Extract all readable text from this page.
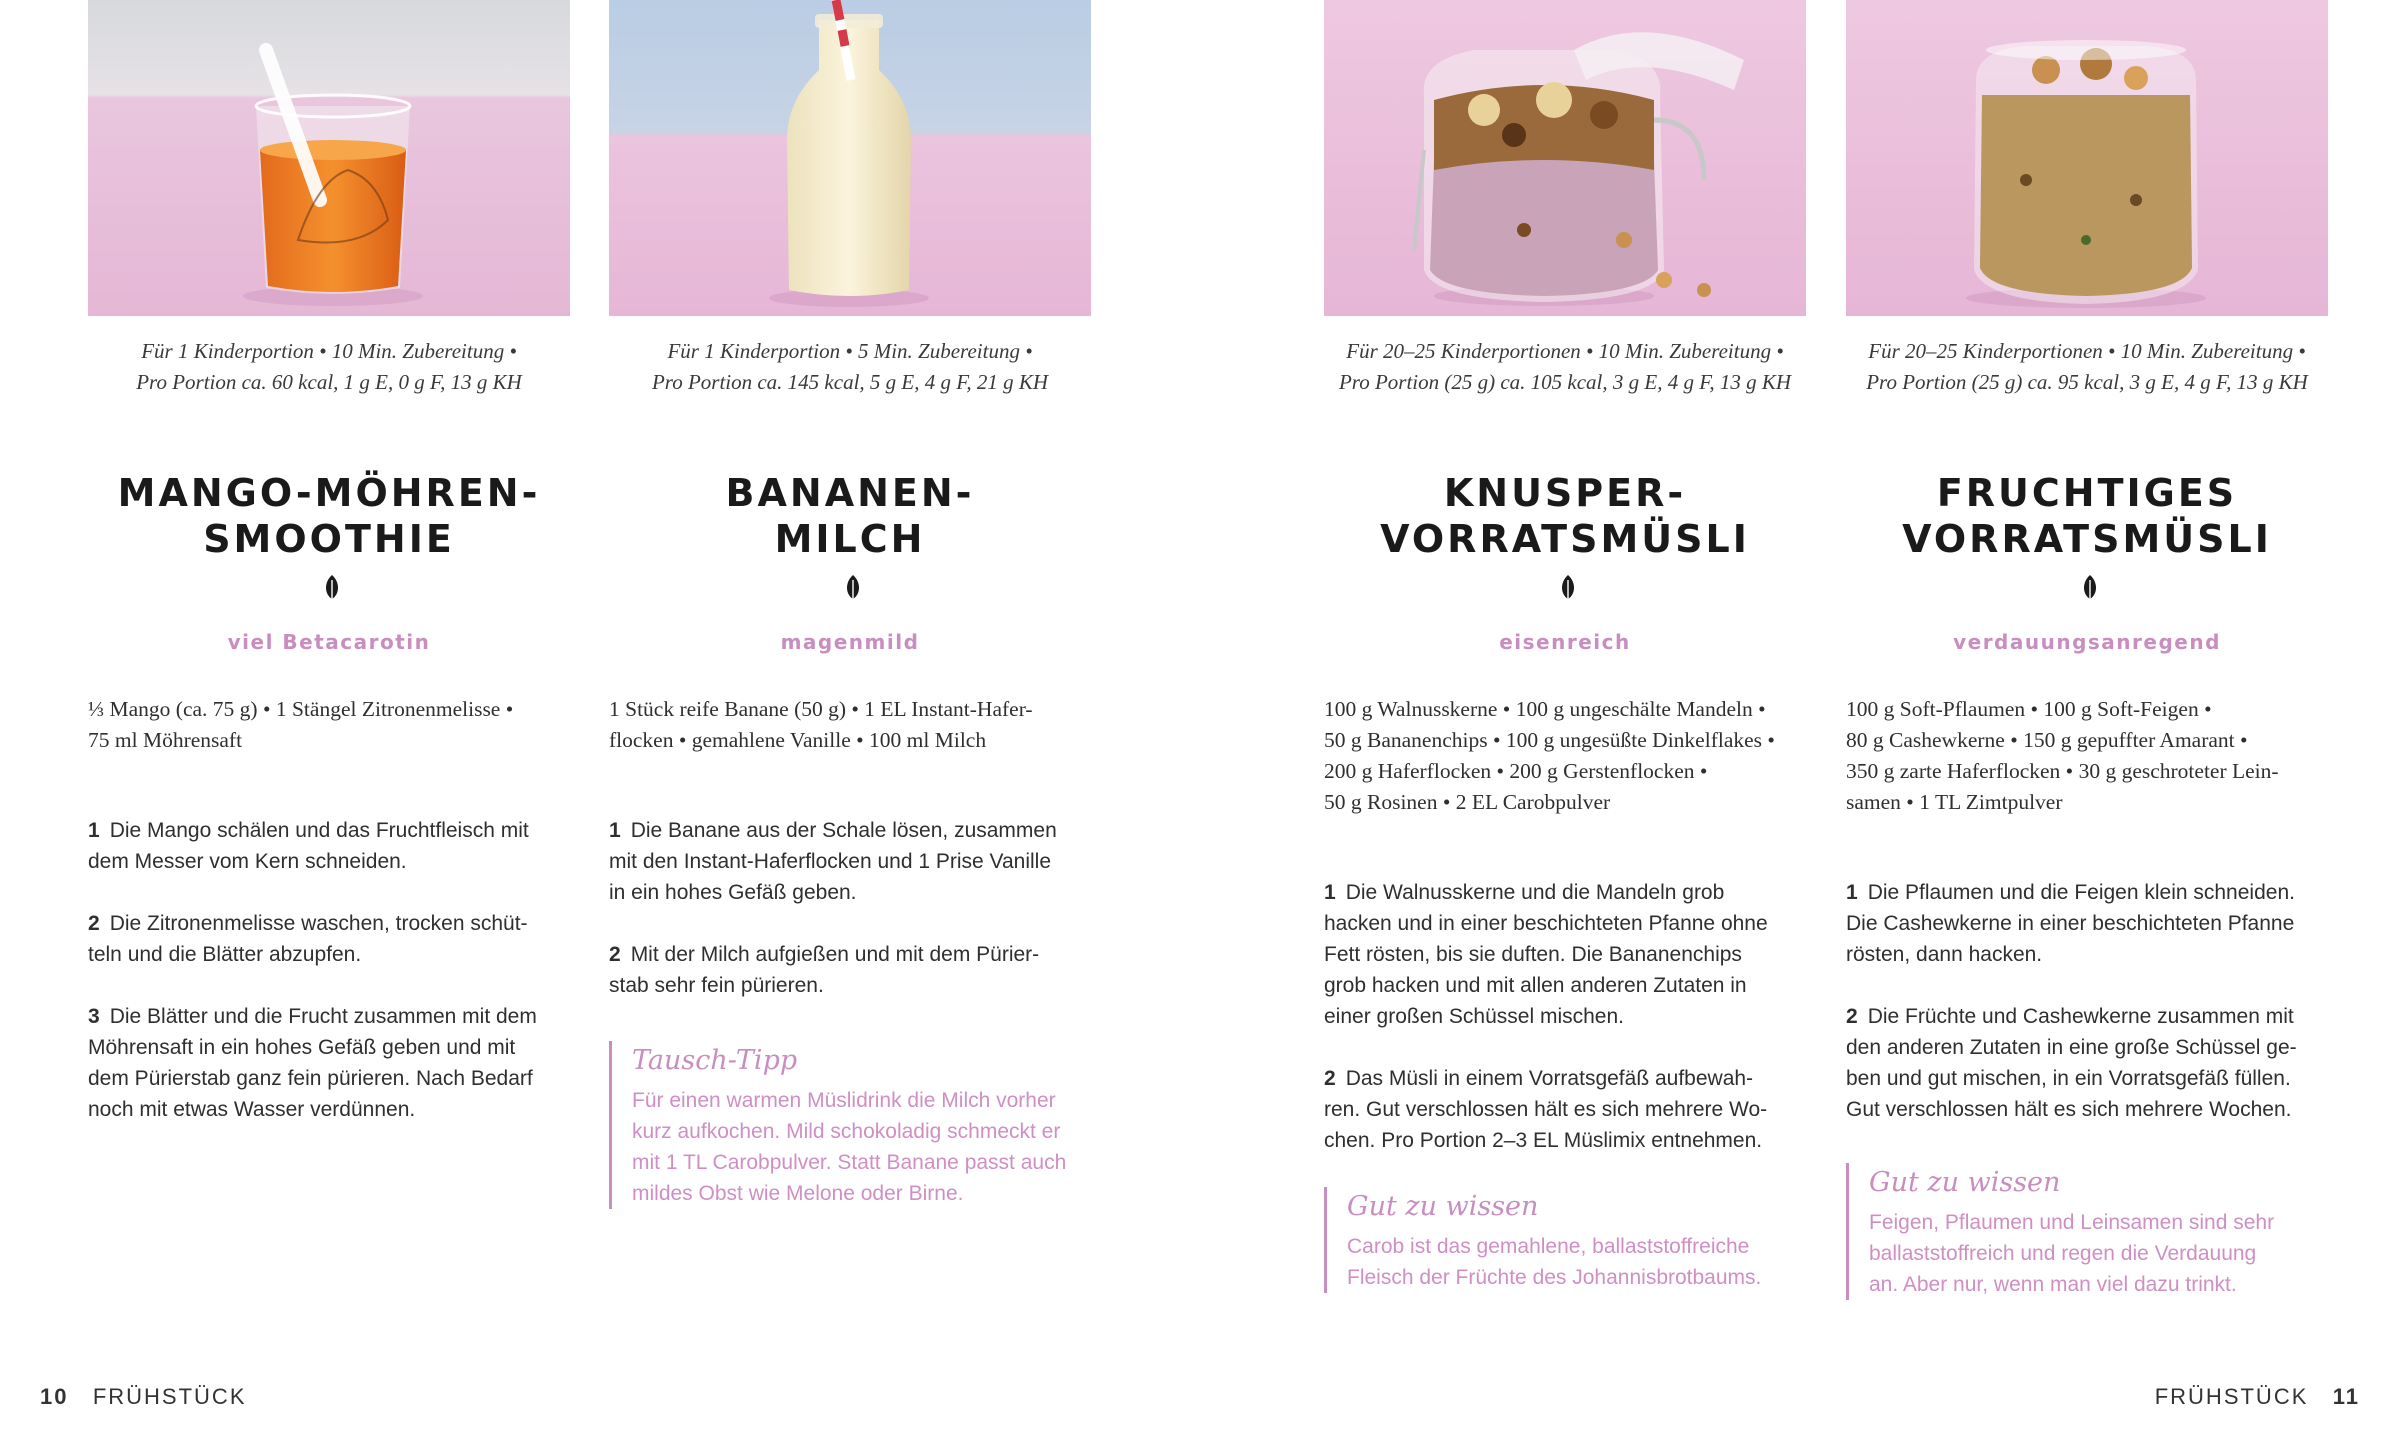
Für 1 Kinderportion • 10 Min. Zubereitung •
Pro Portion ca. 60 kcal, 1 g E, 0 g F, 13 g KH
MANGO-MÖHREN-
SMOOTHIE
viel Betacarotin
⅓ Mango (ca. 75 g) • 1 Stängel Zitronenmelisse •
75 ml Möhrensaft
1 Die Mango schälen und das Fruchtfleisch mit
dem Messer vom Kern schneiden.
2 Die Zitronenmelisse waschen, trocken schüt-
teln und die Blätter abzupfen.
3 Die Blätter und die Frucht zusammen mit dem
Möhrensaft in ein hohes Gefäß geben und mit
dem Pürierstab ganz fein pürieren. Nach Bedarf
noch mit etwas Wasser verdünnen.
Für 1 Kinderportion • 5 Min. Zubereitung •
Pro Portion ca. 145 kcal, 5 g E, 4 g F, 21 g KH
BANANEN-
MILCH
magenmild
1 Stück reife Banane (50 g) • 1 EL Instant-Hafer-
flocken • gemahlene Vanille • 100 ml Milch
1 Die Banane aus der Schale lösen, zusammen
mit den Instant-Haferflocken und 1 Prise Vanille
in ein hohes Gefäß geben.
2 Mit der Milch aufgießen und mit dem Pürier-
stab sehr fein pürieren.
Tausch-Tipp
Für einen warmen Müslidrink die Milch vorher
kurz aufkochen. Mild schokoladig schmeckt er
mit 1 TL Carobpulver. Statt Banane passt auch
mildes Obst wie Melone oder Birne.
Für 20–25 Kinderportionen • 10 Min. Zubereitung •
Pro Portion (25 g) ca. 105 kcal, 3 g E, 4 g F, 13 g KH
KNUSPER-
VORRATSMÜSLI
eisenreich
100 g Walnusskerne • 100 g ungeschälte Mandeln •
50 g Bananenchips • 100 g ungesüßte Dinkelflakes •
200 g Haferflocken • 200 g Gerstenflocken •
50 g Rosinen • 2 EL Carobpulver
1 Die Walnusskerne und die Mandeln grob
hacken und in einer beschichteten Pfanne ohne
Fett rösten, bis sie duften. Die Bananenchips
grob hacken und mit allen anderen Zutaten in
einer großen Schüssel mischen.
2 Das Müsli in einem Vorratsgefäß aufbewah-
ren. Gut verschlossen hält es sich mehrere Wo-
chen. Pro Portion 2–3 EL Müslimix entnehmen.
Gut zu wissen
Carob ist das gemahlene, ballaststoffreiche
Fleisch der Früchte des Johannisbrotbaums.
Für 20–25 Kinderportionen • 10 Min. Zubereitung •
Pro Portion (25 g) ca. 95 kcal, 3 g E, 4 g F, 13 g KH
FRUCHTIGES
VORRATSMÜSLI
verdauungsanregend
100 g Soft-Pflaumen • 100 g Soft-Feigen •
80 g Cashewkerne • 150 g gepuffter Amarant •
350 g zarte Haferflocken • 30 g geschroteter Lein-
samen • 1 TL Zimtpulver
1 Die Pflaumen und die Feigen klein schneiden.
Die Cashewkerne in einer beschichteten Pfanne
rösten, dann hacken.
2 Die Früchte und Cashewkerne zusammen mit
den anderen Zutaten in eine große Schüssel ge-
ben und gut mischen, in ein Vorratsgefäß füllen.
Gut verschlossen hält es sich mehrere Wochen.
Gut zu wissen
Feigen, Pflaumen und Leinsamen sind sehr
ballaststoffreich und regen die Verdauung
an. Aber nur, wenn man viel dazu trinkt.
10 FRÜHSTÜCK	FRÜHSTÜCK 11
